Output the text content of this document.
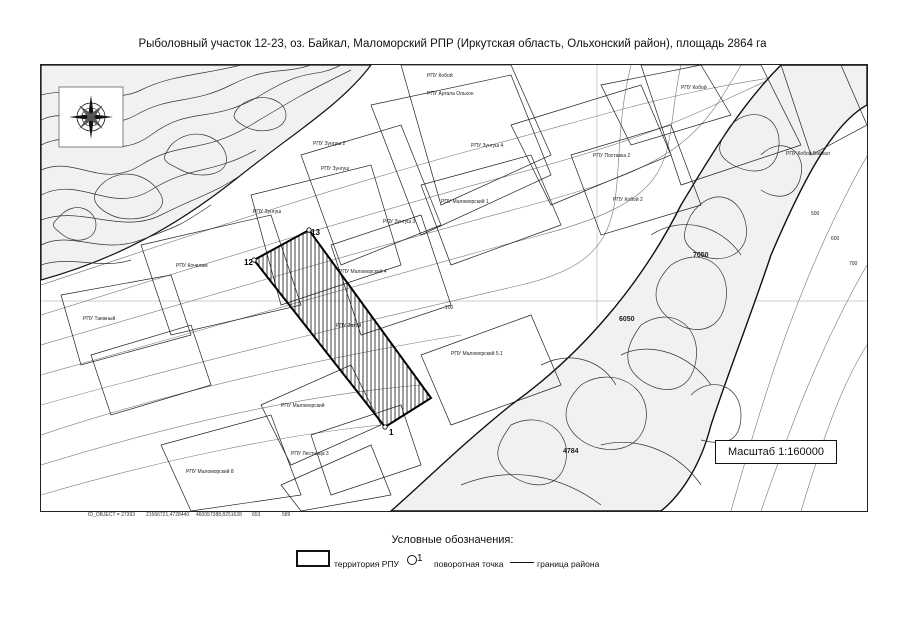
Рыболовный участок 12-23, оз. Байкал, Маломорский РПР (Иркутская область, Ольхонский район), площадь 2864 га
РПУ Кобой
РПУ Аргала Ольхон
РПУ Зунгуш 4
РПУ Зунгуш 2
РПУ Зунгуш
РПУ Маломорский 1
РПУ Зунгуш 3
РПУ Маломорский 4
РПУ Зунгуш
РПУ Кочилим
РПУ Таежный
РПУ Захой
РПУ Маломорский 5.1
РПУ Маломорский
РПУ Лестница 3
РПУ Маломорский 8
РПУ Кобой 2
РПУ Поставка 2
РПУ Кобой
РПУ Кобой Байкал
100
500
600
700
7050
6050
4784
12
13
1
Масштаб 1:160000
ID_OBJECT = 27393 21566721,4728440 460057388,8251628 653	589
Условные обозначения:
территория РПУ 1 поворотная точка	граница района
